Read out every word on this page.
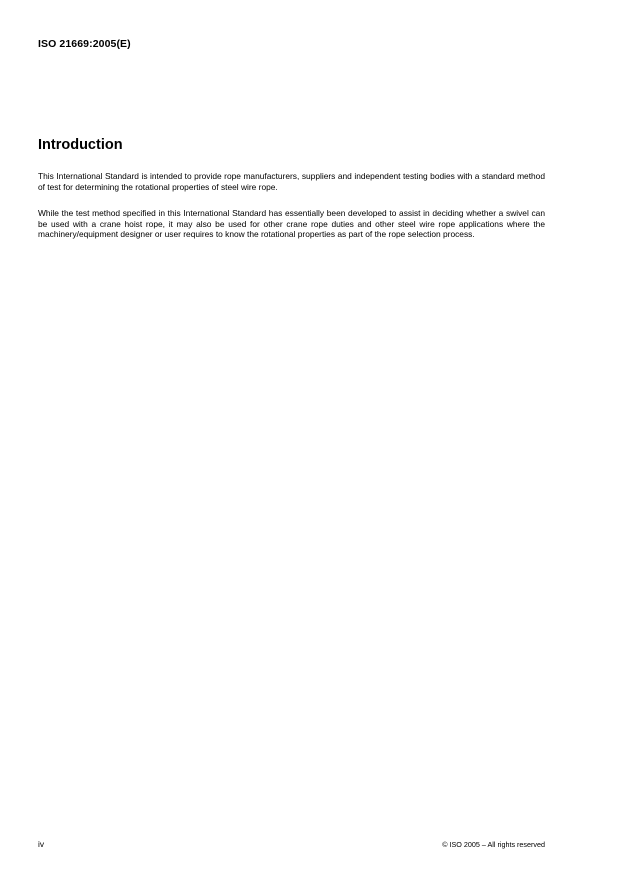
ISO 21669:2005(E)
Introduction

This International Standard is intended to provide rope manufacturers, suppliers and independent testing bodies with a standard method of test for determining the rotational properties of steel wire rope.

While the test method specified in this International Standard has essentially been developed to assist in deciding whether a swivel can be used with a crane hoist rope, it may also be used for other crane rope duties and other steel wire rope applications where the machinery/equipment designer or user requires to know the rotational properties as part of the rope selection process.

iv	© ISO 2005 – All rights reserved
